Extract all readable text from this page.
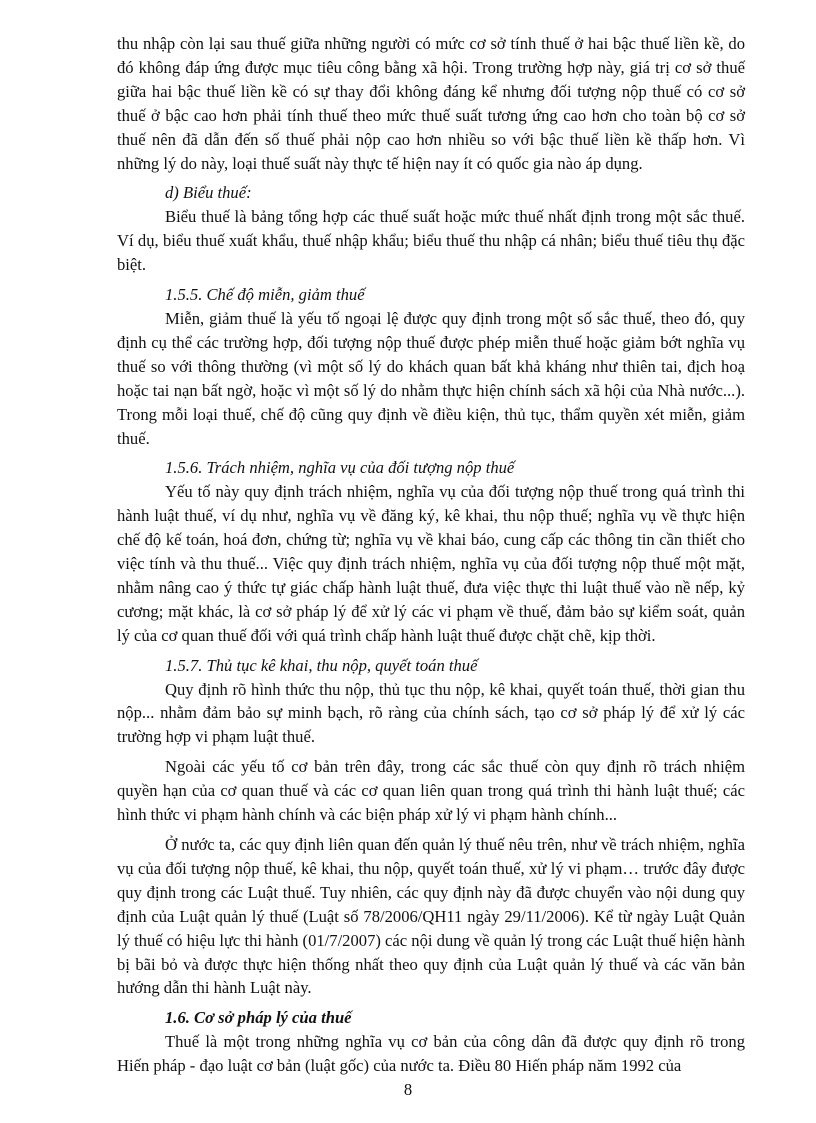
thu nhập còn lại sau thuế giữa những người có mức cơ sở tính thuế ở hai bậc thuế liền kề, do đó không đáp ứng được mục tiêu công bằng xã hội. Trong trường hợp này, giá trị cơ sở thuế giữa hai bậc thuế liền kề có sự thay đổi không đáng kể nhưng đối tượng nộp thuế có cơ sở thuế ở bậc cao hơn phải tính thuế theo mức thuế suất tương ứng cao hơn cho toàn bộ cơ sở thuế nên đã dẫn đến số thuế phải nộp cao hơn nhiều so với bậc thuế liền kề thấp hơn. Vì những lý do này, loại thuế suất này thực tế hiện nay ít có quốc gia nào áp dụng.

d) Biểu thuế:

Biểu thuế là bảng tổng hợp các thuế suất hoặc mức thuế nhất định trong một sắc thuế. Ví dụ, biểu thuế xuất khẩu, thuế nhập khẩu; biểu thuế thu nhập cá nhân; biểu thuế tiêu thụ đặc biệt.

1.5.5. Chế độ miễn, giảm thuế

Miễn, giảm thuế là yếu tố ngoại lệ được quy định trong một số sắc thuế, theo đó, quy định cụ thể các trường hợp, đối tượng nộp thuế được phép miễn thuế hoặc giảm bớt nghĩa vụ thuế so với thông thường (vì một số lý do khách quan bất khả kháng như thiên tai, địch hoạ hoặc tai nạn bất ngờ, hoặc vì một số lý do nhằm thực hiện chính sách xã hội của Nhà nước...). Trong mỗi loại thuế, chế độ cũng quy định về điều kiện, thủ tục, thẩm quyền xét miễn, giảm thuế.

1.5.6. Trách nhiệm, nghĩa vụ của đối tượng nộp thuế

Yếu tố này quy định trách nhiệm, nghĩa vụ của đối tượng nộp thuế trong quá trình thi hành luật thuế, ví dụ như, nghĩa vụ về đăng ký, kê khai, thu nộp thuế; nghĩa vụ về thực hiện chế độ kế toán, hoá đơn, chứng từ; nghĩa vụ về khai báo, cung cấp các thông tin cần thiết cho việc tính và thu thuế... Việc quy định trách nhiệm, nghĩa vụ của đối tượng nộp thuế một mặt, nhằm nâng cao ý thức tự giác chấp hành luật thuế, đưa việc thực thi luật thuế vào nề nếp, kỷ cương; mặt khác, là cơ sở pháp lý để xử lý các vi phạm về thuế, đảm bảo sự kiểm soát, quản lý của cơ quan thuế đối với quá trình chấp hành luật thuế được chặt chẽ, kịp thời.

1.5.7. Thủ tục kê khai, thu nộp, quyết toán thuế

Quy định rõ hình thức thu nộp, thủ tục thu nộp, kê khai, quyết toán thuế, thời gian thu nộp... nhằm đảm bảo sự minh bạch, rõ ràng của chính sách, tạo cơ sở pháp lý để xử lý các trường hợp vi phạm luật thuế.

Ngoài các yếu tố cơ bản trên đây, trong các sắc thuế còn quy định rõ trách nhiệm quyền hạn của cơ quan thuế và các cơ quan liên quan trong quá trình thi hành luật thuế; các hình thức vi phạm hành chính và các biện pháp xử lý vi phạm hành chính...

Ở nước ta, các quy định liên quan đến quản lý thuế nêu trên, như về trách nhiệm, nghĩa vụ của đối tượng nộp thuế, kê khai, thu nộp, quyết toán thuế, xử lý vi phạm… trước đây được quy định trong các Luật thuế. Tuy nhiên, các quy định này đã được chuyển vào nội dung quy định của Luật quản lý thuế (Luật số 78/2006/QH11 ngày 29/11/2006). Kể từ ngày Luật Quản lý thuế có hiệu lực thi hành (01/7/2007) các nội dung về quản lý trong các Luật thuế hiện hành bị bãi bỏ và được thực hiện thống nhất theo quy định của Luật quản lý thuế và các văn bản hướng dẫn thi hành Luật này.

1.6. Cơ sở pháp lý của thuế

Thuế là một trong những nghĩa vụ cơ bản của công dân đã được quy định rõ trong Hiến pháp - đạo luật cơ bản (luật gốc) của nước ta. Điều 80 Hiến pháp năm 1992 của

8
